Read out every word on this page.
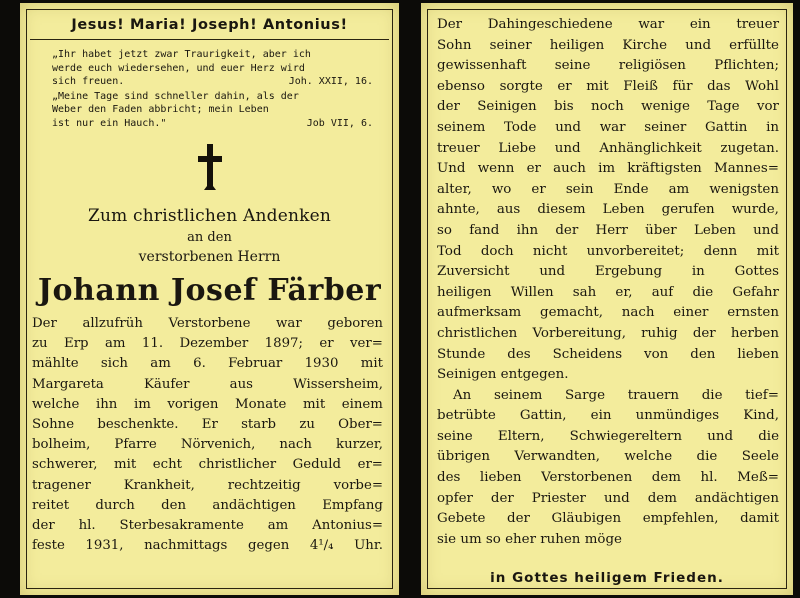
Jesus! Maria! Joseph! Antonius!
„Ihr habet jetzt zwar Traurigkeit, aber ich
werde euch wiedersehen, und euer Herz wird
sich freuen.	Joh. XXII, 16.
„Meine Tage sind schneller dahin, als der
Weber den Faden abbricht; mein Leben
ist nur ein Hauch."	Job VII, 6.
Zum christlichen Andenken
an den
verstorbenen Herrn
Johann Josef Färber
Der allzufrüh Verstorbene war geboren
zu Erp am 11. Dezember 1897; er ver=
mählte sich am 6. Februar 1930 mit
Margareta	Käufer	aus	Wissersheim,
welche ihn im vorigen Monate mit einem
Sohne beschenkte. Er starb zu Ober=
bolheim, Pfarre Nörvenich, nach kurzer,
schwerer, mit echt christlicher Geduld er=
tragener Krankheit, rechtzeitig vorbe=
reitet durch den andächtigen Empfang
der hl. Sterbesakramente am Antonius=
feste 1931, nachmittags gegen 4¹/₄ Uhr.
Der Dahingeschiedene war ein treuer
Sohn seiner heiligen Kirche und erfüllte
gewissenhaft seine religiösen Pflichten;
ebenso sorgte er mit Fleiß für das Wohl
der Seinigen bis noch wenige Tage vor
seinem Tode und war seiner Gattin in
treuer Liebe und Anhänglichkeit zugetan.
Und wenn er auch im kräftigsten Mannes=
alter, wo er sein Ende am wenigsten
ahnte, aus diesem Leben gerufen wurde,
so fand ihn der Herr über Leben und
Tod doch nicht unvorbereitet; denn mit
Zuversicht und Ergebung in Gottes
heiligen Willen sah er, auf die Gefahr
aufmerksam gemacht, nach einer ernsten
christlichen Vorbereitung, ruhig der herben
Stunde des Scheidens von den lieben
Seinigen entgegen.
An seinem Sarge trauern die tief=
betrübte Gattin, ein unmündiges Kind,
seine Eltern, Schwiegereltern und die
übrigen Verwandten, welche die Seele
des lieben Verstorbenen dem hl. Meß=
opfer der Priester und dem andächtigen
Gebete der Gläubigen empfehlen, damit
sie um so eher ruhen möge
in Gottes heiligem Frieden.
